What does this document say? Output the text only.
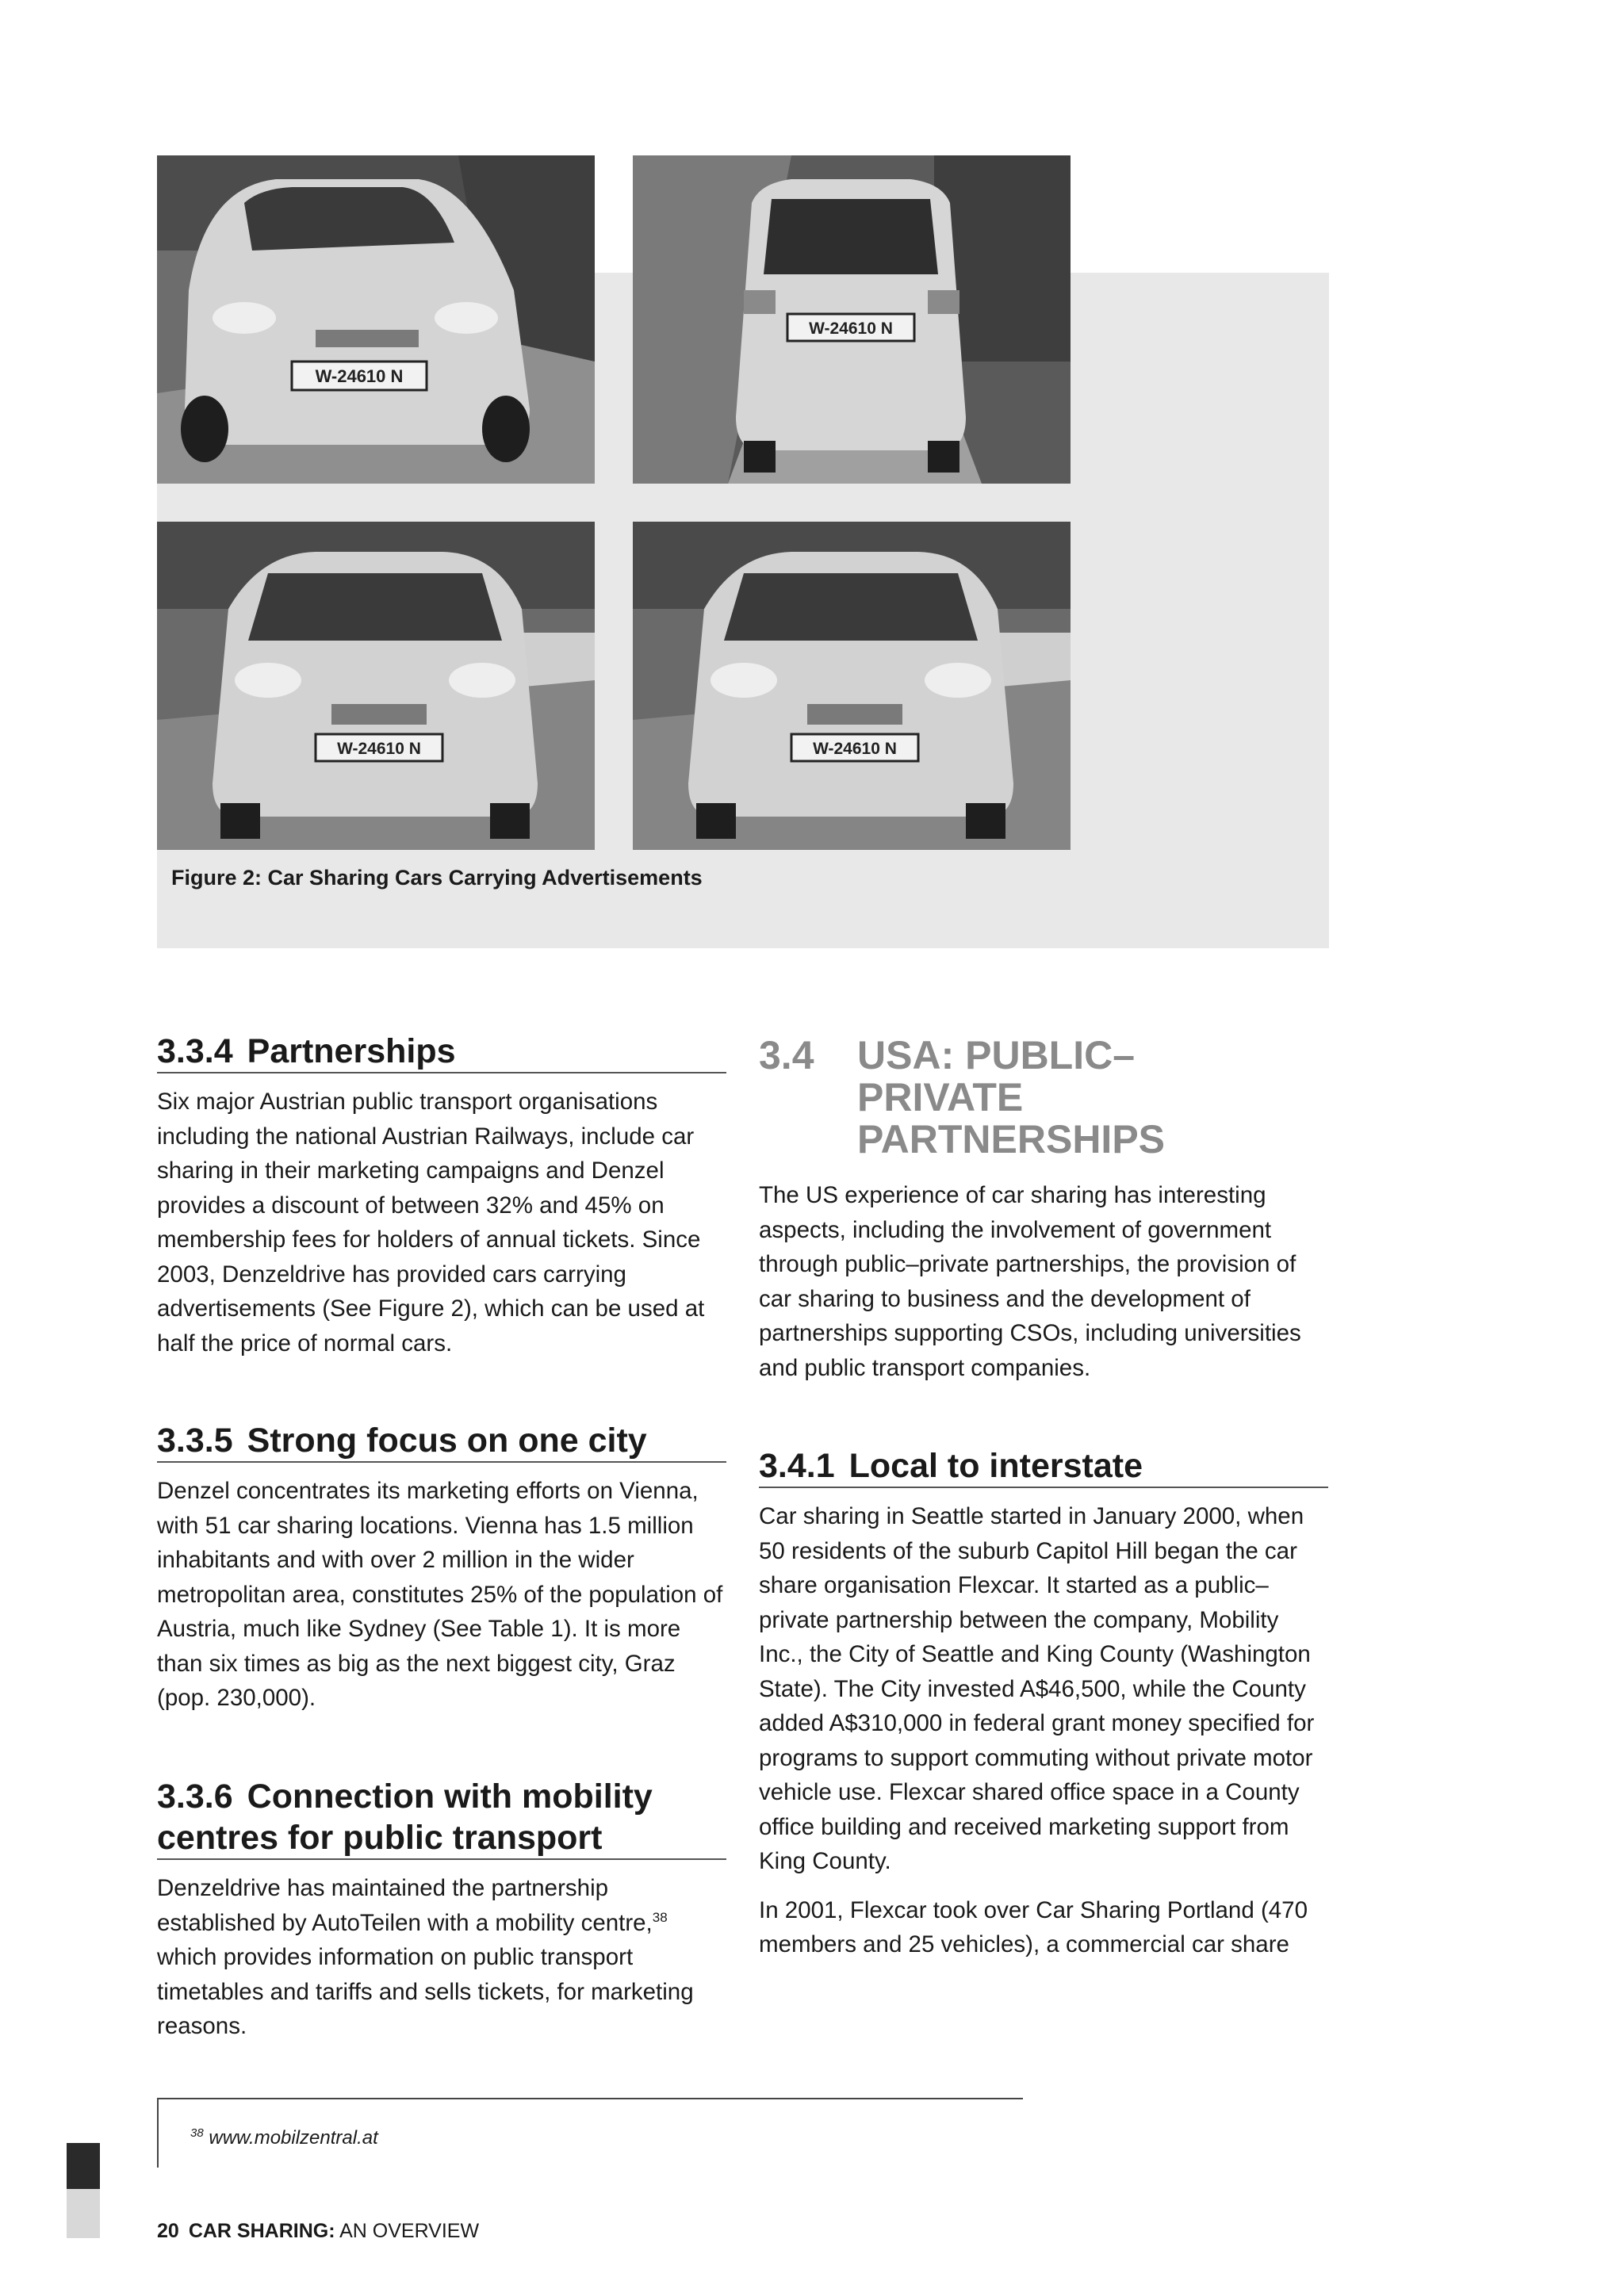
W-24610 N
W-24610 N
W-24610 N	W-24610 N
Figure 2: Car Sharing Cars Carrying Advertisements
3.3.4 Partnerships

Six major Austrian public transport organisations including the national Austrian Railways, include car sharing in their marketing campaigns and Denzel provides a discount of between 32% and 45% on membership fees for holders of annual tickets. Since 2003, Denzeldrive has provided cars carrying advertisements (See Figure 2), which can be used at half the price of normal cars.

3.3.5 Strong focus on one city

Denzel concentrates its marketing efforts on Vienna, with 51 car sharing locations. Vienna has 1.5 million inhabitants and with over 2 million in the wider metropolitan area, constitutes 25% of the population of Austria, much like Sydney (See Table 1). It is more than six times as big as the next biggest city, Graz (pop. 230,000).

3.3.6 Connection with mobility centres for public transport

Denzeldrive has maintained the partnership established by AutoTeilen with a mobility centre,$^{38}$ which provides information on public transport timetables and tariffs and sells tickets, for marketing reasons.

3.4	USA: PUBLIC–PRIVATE PARTNERSHIPS

The US experience of car sharing has interesting aspects, including the involvement of government through public–private partnerships, the provision of car sharing to business and the development of partnerships supporting CSOs, including universities and public transport companies.

3.4.1 Local to interstate

Car sharing in Seattle started in January 2000, when 50 residents of the suburb Capitol Hill began the car share organisation Flexcar. It started as a public–private partnership between the company, Mobility Inc., the City of Seattle and King County (Washington State). The City invested A$46,500, while the County added A$310,000 in federal grant money specified for programs to support commuting without private motor vehicle use. Flexcar shared office space in a County office building and received marketing support from King County.

In 2001, Flexcar took over Car Sharing Portland (470 members and 25 vehicles), a commercial car share

$^{38}$ www.mobilzentral.at
20 CAR SHARING: AN OVERVIEW
